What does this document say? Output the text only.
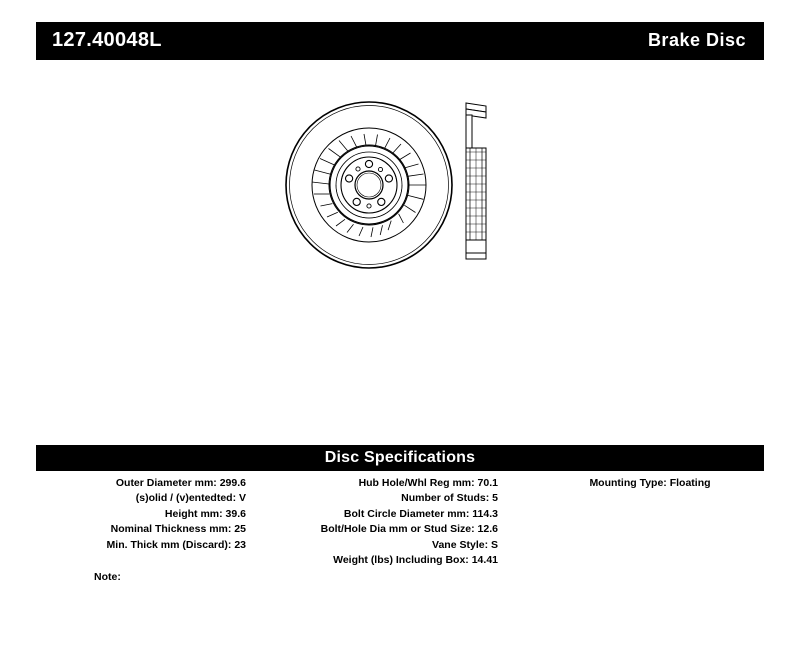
127.40048L	Brake Disc
Disc Specifications
Outer Diameter mm: 299.6
(s)olid / (v)entedted: V
Height mm: 39.6
Nominal Thickness mm: 25
Min. Thick mm (Discard): 23
Hub Hole/Whl Reg mm: 70.1
Number of Studs: 5
Bolt Circle Diameter mm: 114.3
Bolt/Hole Dia mm or Stud Size: 12.6
Vane Style: S
Weight (lbs) Including Box: 14.41
Mounting Type: Floating
Note:
